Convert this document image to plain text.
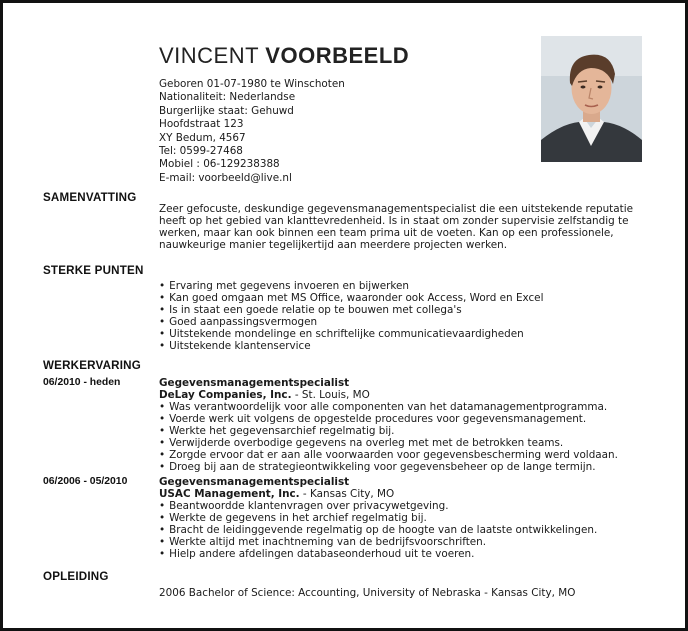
VINCENT VOORBEELD
Geboren 01-07-1980 te Winschoten
Nationaliteit: Nederlandse
Burgerlijke staat: Gehuwd
Hoofdstraat 123
XY Bedum, 4567
Tel: 0599-27468
Mobiel : 06-129238388
E-mail: voorbeeld@live.nl
SAMENVATTING
Zeer gefocuste, deskundige gegevensmanagementspecialist die een uitstekende reputatie heeft op het gebied van klanttevredenheid. Is in staat om zonder supervisie zelfstandig te werken, maar kan ook binnen een team prima uit de voeten. Kan op een professionele, nauwkeurige manier tegelijkertijd aan meerdere projecten werken.
STERKE PUNTEN
• Ervaring met gegevens invoeren en bijwerken
• Kan goed omgaan met MS Office, waaronder ook Access, Word en Excel
• Is in staat een goede relatie op te bouwen met collega's
• Goed aanpassingsvermogen
• Uitstekende mondelinge en schriftelijke communicatievaardigheden
• Uitstekende klantenservice
WERKERVARING
06/2010 - heden	Gegevensmanagementspecialist
DeLay Companies, Inc. - St. Louis, MO
• Was verantwoordelijk voor alle componenten van het datamanagementprogramma.
• Voerde werk uit volgens de opgestelde procedures voor gegevensmanagement.
• Werkte het gegevensarchief regelmatig bij.
• Verwijderde overbodige gegevens na overleg met met de betrokken teams.
• Zorgde ervoor dat er aan alle voorwaarden voor gegevensbescherming werd voldaan.
• Droeg bij aan de strategieontwikkeling voor gegevensbeheer op de lange termijn.
06/2006 - 05/2010	Gegevensmanagementspecialist
USAC Management, Inc. - Kansas City, MO
• Beantwoordde klantenvragen over privacywetgeving.
• Werkte de gegevens in het archief regelmatig bij.
• Bracht de leidinggevende regelmatig op de hoogte van de laatste ontwikkelingen.
• Werkte altijd met inachtneming van de bedrijfsvoorschriften.
• Hielp andere afdelingen databaseonderhoud uit te voeren.
OPLEIDING
2006 Bachelor of Science: Accounting, University of Nebraska - Kansas City, MO
